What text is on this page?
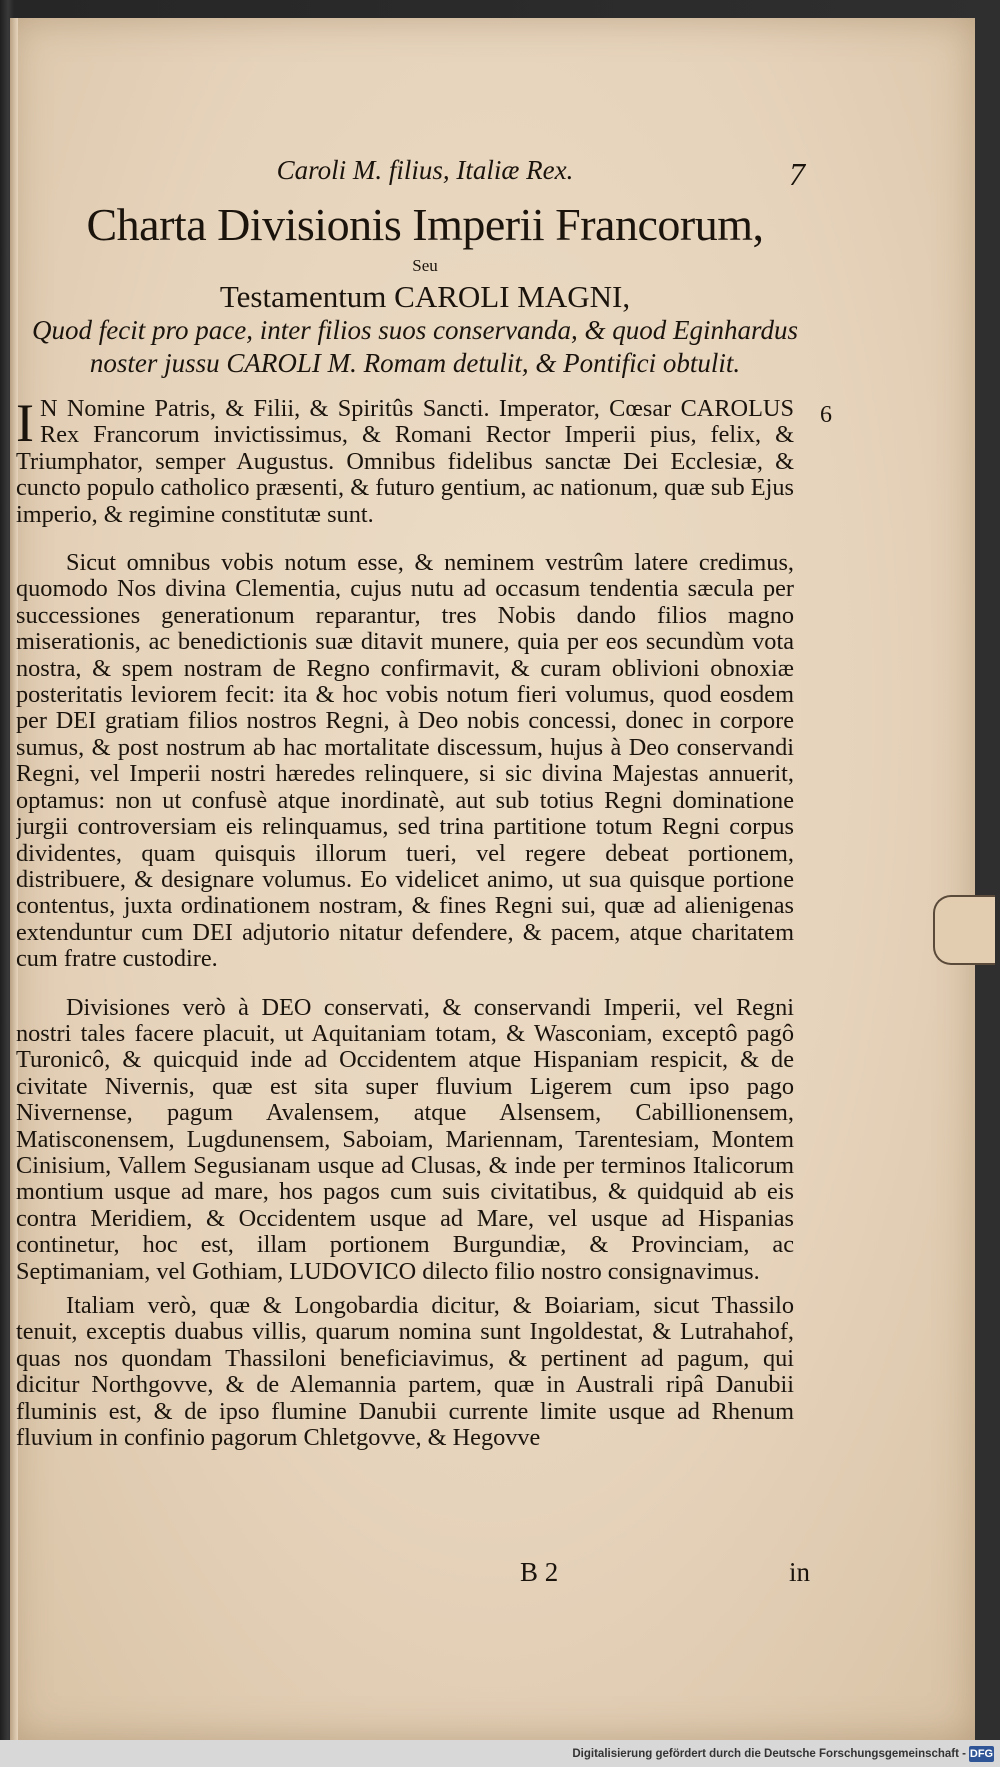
Caroli M. filius, Italiæ Rex.	7
Charta Divisionis Imperii Francorum,
Seu
Testamentum CAROLI MAGNI,
Quod fecit pro pace, inter filios suos conservanda, & quod Eginhardus noster jussu CAROLI M. Romam detulit, & Pontifici obtulit.
6

IN Nomine Patris, & Filii, & Spiritûs Sancti. Imperator, Cœsar CAROLUS Rex Francorum invictissimus, & Romani Rector Imperii pius, felix, & Triumphator, semper Augustus. Omnibus fidelibus sanctæ Dei Ecclesiæ, & cuncto populo catholico præsenti, & futuro gentium, ac nationum, quæ sub Ejus imperio, & regimine constitutæ sunt.

Sicut omnibus vobis notum esse, & neminem vestrûm latere credimus, quomodo Nos divina Clementia, cujus nutu ad occasum tendentia sæcula per successiones generationum reparantur, tres Nobis dando filios magno miserationis, ac benedictionis suæ ditavit munere, quia per eos secundùm vota nostra, & spem nostram de Regno confirmavit, & curam oblivioni obnoxiæ posteritatis leviorem fecit: ita & hoc vobis notum fieri volumus, quod eosdem per DEI gratiam filios nostros Regni, à Deo nobis concessi, donec in corpore sumus, & post nostrum ab hac mortalitate discessum, hujus à Deo conservandi Regni, vel Imperii nostri hæredes relinquere, si sic divina Majestas annuerit, optamus: non ut confusè atque inordinatè, aut sub totius Regni dominatione jurgii controversiam eis relinquamus, sed trina partitione totum Regni corpus dividentes, quam quisquis illorum tueri, vel regere debeat portionem, distribuere, & designare volumus. Eo videlicet animo, ut sua quisque portione contentus, juxta ordinationem nostram, & fines Regni sui, quæ ad alienigenas extenduntur cum DEI adjutorio nitatur defendere, & pacem, atque charitatem cum fratre custodire.

Divisiones verò à DEO conservati, & conservandi Imperii, vel Regni nostri tales facere placuit, ut Aquitaniam totam, & Wasconiam, exceptô pagô Turonicô, & quicquid inde ad Occidentem atque Hispaniam respicit, & de civitate Nivernis, quæ est sita super fluvium Ligerem cum ipso pago Nivernense, pagum Avalensem, atque Alsensem, Cabillionensem, Matisconensem, Lugdunensem, Saboiam, Mariennam, Tarentesiam, Montem Cinisium, Vallem Segusianam usque ad Clusas, & inde per terminos Italicorum montium usque ad mare, hos pagos cum suis civitatibus, & quidquid ab eis contra Meridiem, & Occidentem usque ad Mare, vel usque ad Hispanias continetur, hoc est, illam portionem Burgundiæ, & Provinciam, ac Septimaniam, vel Gothiam, LUDOVICO dilecto filio nostro consignavimus.

Italiam verò, quæ & Longobardia dicitur, & Boiariam, sicut Thassilo tenuit, exceptis duabus villis, quarum nomina sunt Ingoldestat, & Lutrahahof, quas nos quondam Thassiloni beneficiavimus, & pertinent ad pagum, qui dicitur Northgovve, & de Alemannia partem, quæ in Australi ripâ Danubii fluminis est, & de ipso flumine Danubii currente limite usque ad Rhenum fluvium in confinio pagorum Chletgovve, & Hegovve

B 2	in
Digitalisierung gefördert durch die Deutsche Forschungsgemeinschaft - DFG
